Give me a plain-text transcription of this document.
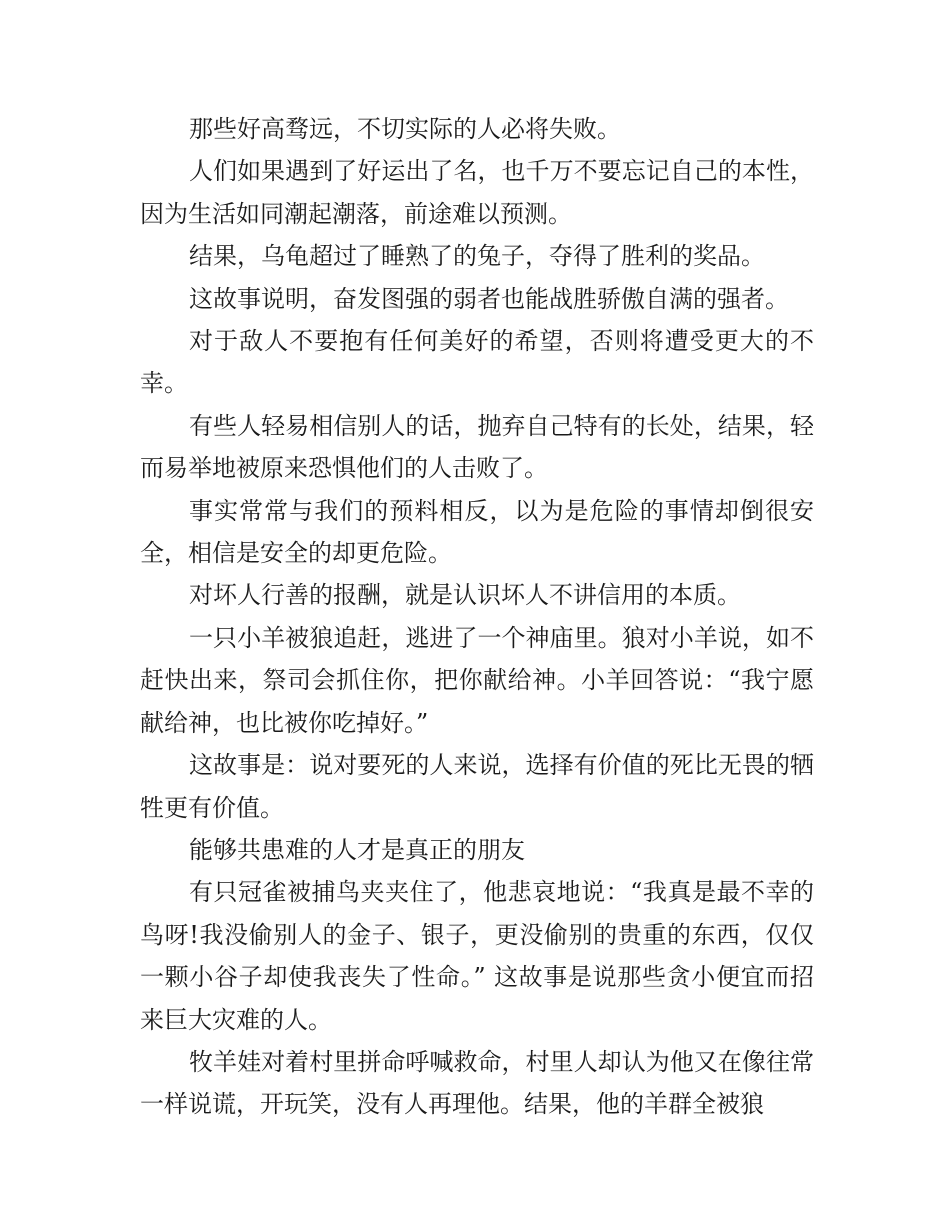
那些好高骛远，不切实际的人必将失败。

人们如果遇到了好运出了名，也千万不要忘记自己的本性，因为生活如同潮起潮落，前途难以预测。

结果，乌龟超过了睡熟了的兔子，夺得了胜利的奖品。

这故事说明，奋发图强的弱者也能战胜骄傲自满的强者。

对于敌人不要抱有任何美好的希望，否则将遭受更大的不幸。

有些人轻易相信别人的话，抛弃自己特有的长处，结果，轻而易举地被原来恐惧他们的人击败了。

事实常常与我们的预料相反，以为是危险的事情却倒很安全，相信是安全的却更危险。

对坏人行善的报酬，就是认识坏人不讲信用的本质。

一只小羊被狼追赶，逃进了一个神庙里。狼对小羊说，如不赶快出来，祭司会抓住你，把你献给神。小羊回答说：“我宁愿献给神，也比被你吃掉好。”

这故事是：说对要死的人来说，选择有价值的死比无畏的牺牲更有价值。

能够共患难的人才是真正的朋友

有只冠雀被捕鸟夹夹住了，他悲哀地说：“我真是最不幸的鸟呀!我没偷别人的金子、银子，更没偷别的贵重的东西，仅仅一颗小谷子却使我丧失了性命。” 这故事是说那些贪小便宜而招来巨大灾难的人。

牧羊娃对着村里拼命呼喊救命，村里人却认为他又在像往常一样说谎，开玩笑，没有人再理他。结果，他的羊群全被狼
